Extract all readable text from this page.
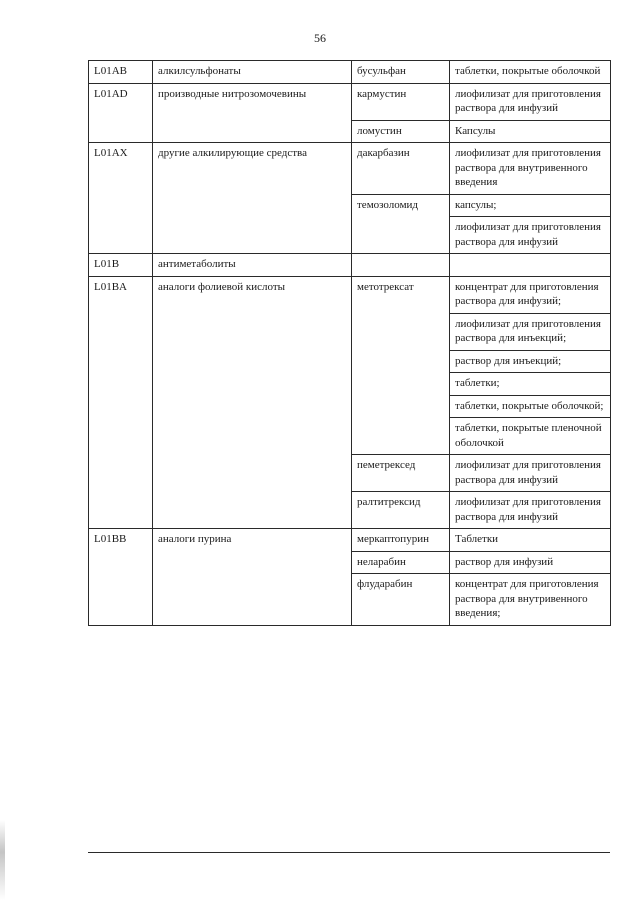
56
L01AB	алкилсульфонаты	бусульфан	таблетки, покрытые оболочкой
L01AD	производные нитрозомочевины	кармустин	лиофилизат для приготовления раствора для инфузий
		ломустин	Капсулы
L01AX	другие алкилирующие средства	дакарбазин	лиофилизат для приготовления раствора для внутривенного введения
		темозоломид	капсулы;
			лиофилизат для приготовления раствора для инфузий
L01B	антиметаболиты		
L01BA	аналоги фолиевой кислоты	метотрексат	концентрат для приготовления раствора для инфузий;
			лиофилизат для приготовления раствора для инъекций;
			раствор для инъекций;
			таблетки;
			таблетки, покрытые оболочкой;
			таблетки, покрытые пленочной оболочкой
		пеметрексед	лиофилизат для приготовления раствора для инфузий
		ралтитрексид	лиофилизат для приготовления раствора для инфузий
L01BB	аналоги пурина	меркаптопурин	Таблетки
		неларабин	раствор для инфузий
		флударабин	концентрат для приготовления раствора для внутривенного введения;
